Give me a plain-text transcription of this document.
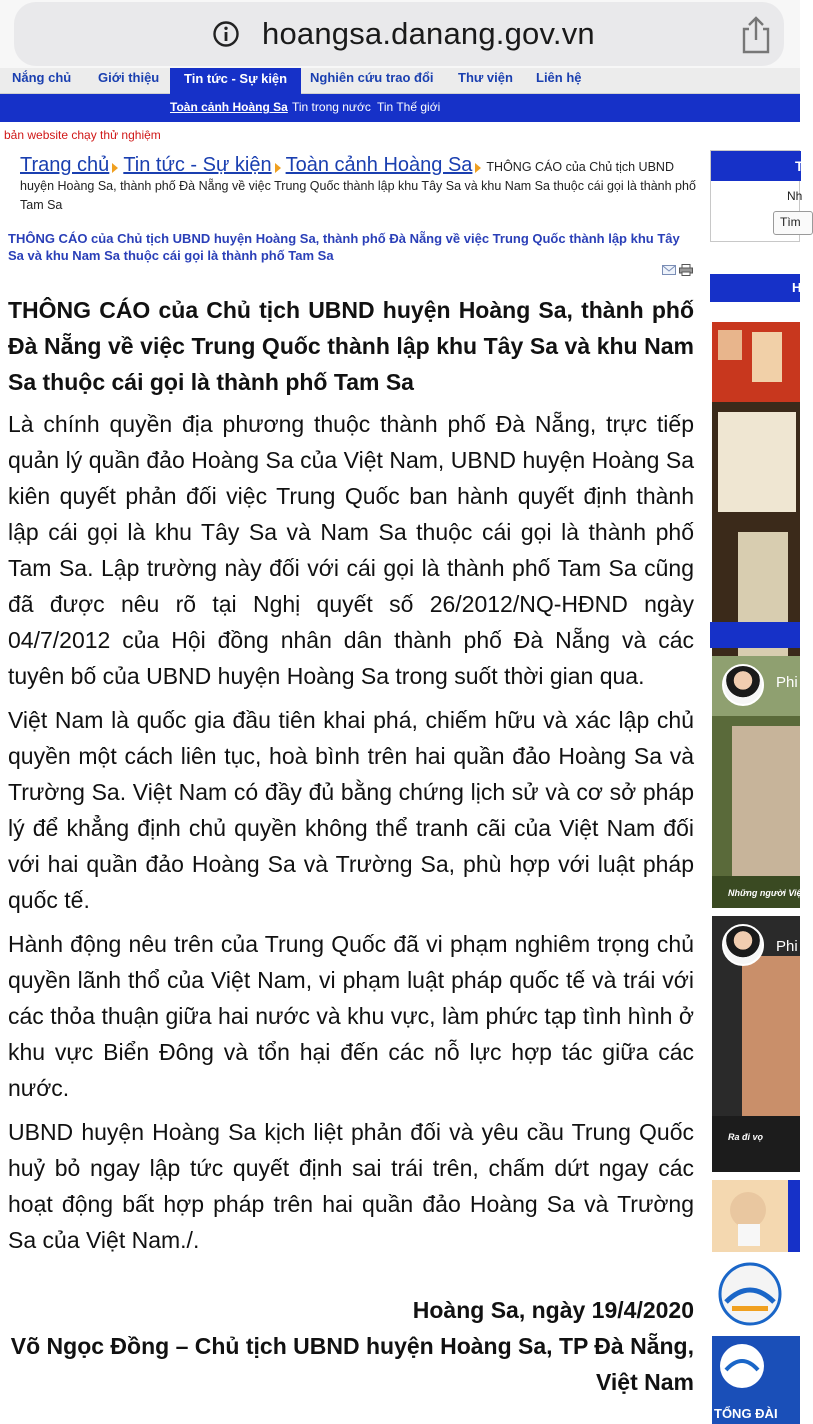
hoangsa.danang.gov.vn
Nắng chủ Giới thiệu	Tin tức - Sự kiện	Nghiên cứu trao đổi Thư viện Liên hệ
Toàn cảnh Hoàng Sa Tin trong nước Tin Thế giới
bản website chạy thử nghiệm
Trang chủ Tin tức - Sự kiện Toàn cảnh Hoàng Sa THÔNG CÁO của Chủ tịch UBND huyện Hoàng Sa, thành phố Đà Nẵng về việc Trung Quốc thành lập khu Tây Sa và khu Nam Sa thuộc cái gọi là thành phố Tam Sa
THÔNG CÁO của Chủ tịch UBND huyện Hoàng Sa, thành phố Đà Nẵng về việc Trung Quốc thành lập khu Tây Sa và khu Nam Sa thuộc cái gọi là thành phố Tam Sa
THÔNG CÁO của Chủ tịch UBND huyện Hoàng Sa, thành phố Đà Nẵng về việc Trung Quốc thành lập khu Tây Sa và khu Nam Sa thuộc cái gọi là thành phố Tam Sa

Là chính quyền địa phương thuộc thành phố Đà Nẵng, trực tiếp quản lý quần đảo Hoàng Sa của Việt Nam, UBND huyện Hoàng Sa kiên quyết phản đối việc Trung Quốc ban hành quyết định thành lập cái gọi là khu Tây Sa và Nam Sa thuộc cái gọi là thành phố Tam Sa. Lập trường này đối với cái gọi là thành phố Tam Sa cũng đã được nêu rõ tại Nghị quyết số 26/2012/NQ-HĐND ngày 04/7/2012 của Hội đồng nhân dân thành phố Đà Nẵng và các tuyên bố của UBND huyện Hoàng Sa trong suốt thời gian qua.

Việt Nam là quốc gia đầu tiên khai phá, chiếm hữu và xác lập chủ quyền một cách liên tục, hoà bình trên hai quần đảo Hoàng Sa và Trường Sa. Việt Nam có đầy đủ bằng chứng lịch sử và cơ sở pháp lý để khẳng định chủ quyền không thể tranh cãi của Việt Nam đối với hai quần đảo Hoàng Sa và Trường Sa, phù hợp với luật pháp quốc tế.

Hành động nêu trên của Trung Quốc đã vi phạm nghiêm trọng chủ quyền lãnh thổ của Việt Nam, vi phạm luật pháp quốc tế và trái với các thỏa thuận giữa hai nước và khu vực, làm phức tạp tình hình ở khu vực Biển Đông và tổn hại đến các nỗ lực hợp tác giữa các nước.

UBND huyện Hoàng Sa kịch liệt phản đối và yêu cầu Trung Quốc huỷ bỏ ngay lập tức quyết định sai trái trên, chấm dứt ngay các hoạt động bất hợp pháp trên hai quần đảo Hoàng Sa và Trường Sa của Việt Nam./.

Hoàng Sa, ngày 19/4/2020
Võ Ngọc Đồng – Chủ tịch UBND huyện Hoàng Sa, TP Đà Nẵng, Việt Nam
T
Nh
Tìm
H
Phi
Những người Việ
Phi
Ra đi vọ
TỔNG ĐÀI
